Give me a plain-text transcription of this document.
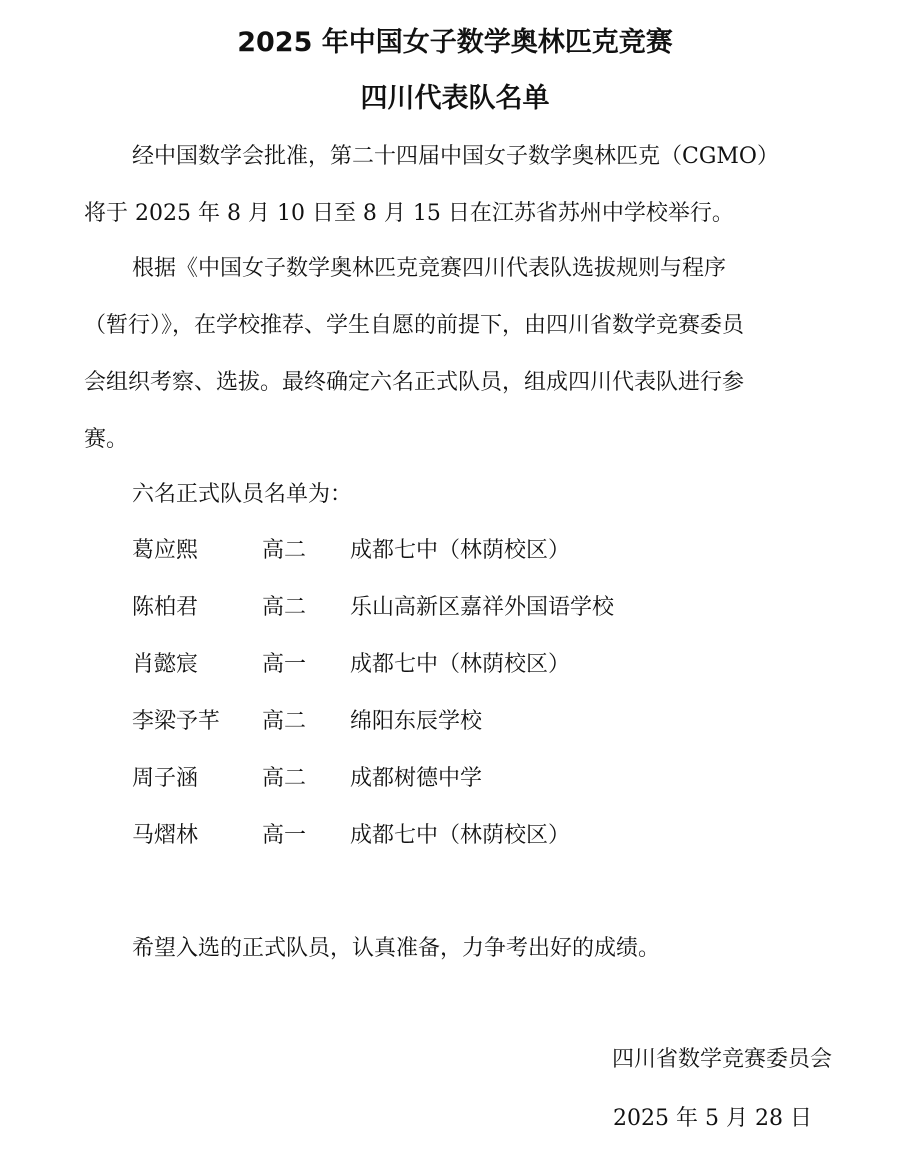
2025 年中国女子数学奥林匹克竞赛
四川代表队名单

经中国数学会批准，第二十四届中国女子数学奥林匹克（CGMO）
将于 2025 年 8 月 10 日至 8 月 15 日在江苏省苏州中学校举行。

根据《中国女子数学奥林匹克竞赛四川代表队选拔规则与程序
（暂行）》，在学校推荐、学生自愿的前提下，由四川省数学竞赛委员
会组织考察、选拔。最终确定六名正式队员，组成四川代表队进行参
赛。

六名正式队员名单为：
葛应熙	高二 成都七中（林荫校区）
陈柏君	高二 乐山高新区嘉祥外国语学校
肖懿宸	高一 成都七中（林荫校区）
李梁予芊 高二 绵阳东辰学校
周子涵	高二 成都树德中学
马熠林	高一 成都七中（林荫校区）
希望入选的正式队员，认真准备，力争考出好的成绩。
四川省数学竞赛委员会
2025 年 5 月 28 日
